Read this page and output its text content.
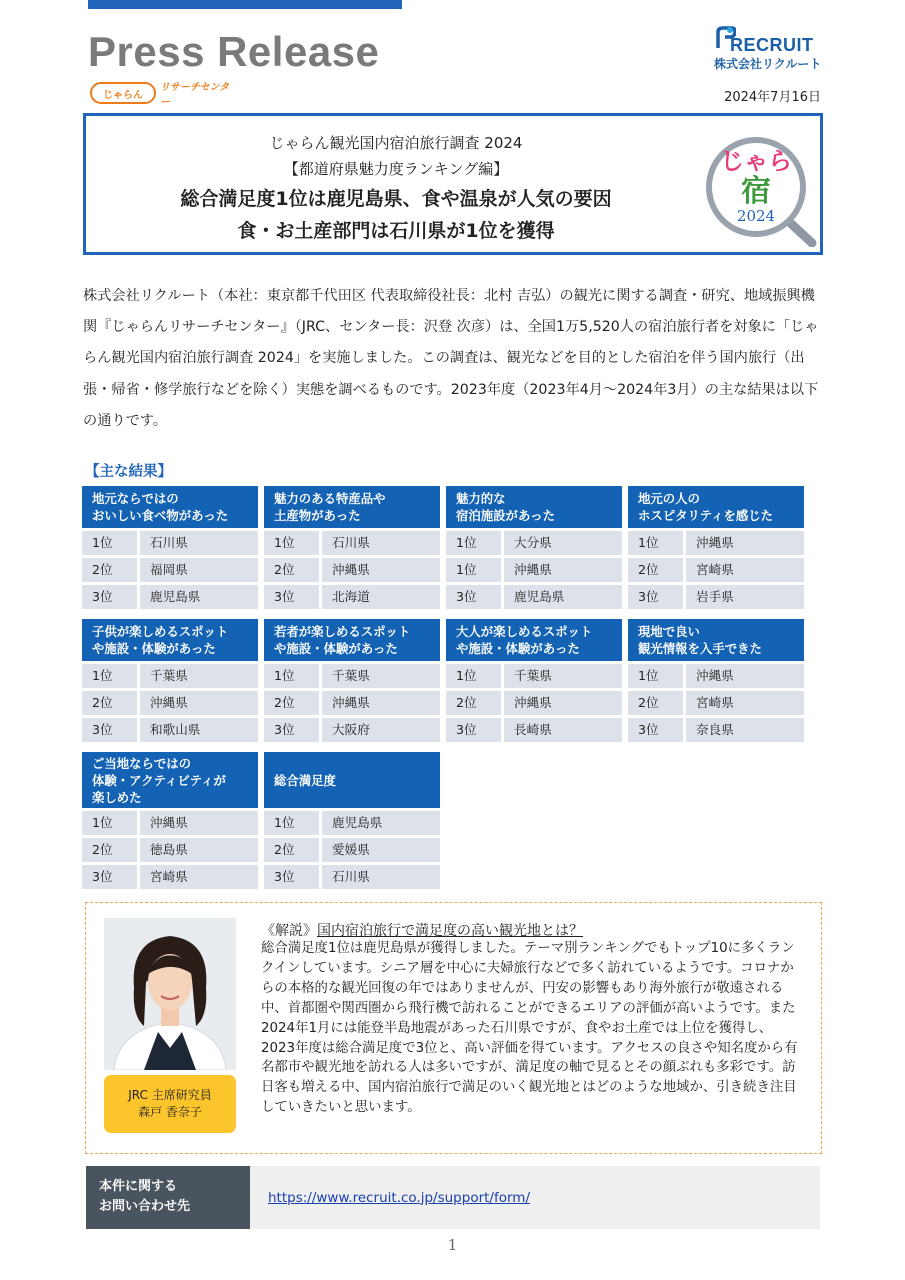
Press Release
じゃらん
リサーチセンター
RECRUIT
株式会社リクルート
2024年7月16日
じゃらん観光国内宿泊旅行調査 2024
【都道府県魅力度ランキング編】
総合満足度1位は鹿児島県、食や温泉が人気の要因
食・お土産部門は石川県が1位を獲得
じゃら
宿
2024
株式会社リクルート（本社：東京都千代田区 代表取締役社長：北村 吉弘）の観光に関する調査・研究、地域振興機関『じゃらんリサーチセンター』（JRC、センター長：沢登 次彦）は、全国1万5,520人の宿泊旅行者を対象に「じゃらん観光国内宿泊旅行調査 2024」を実施しました。この調査は、観光などを目的とした宿泊を伴う国内旅行（出張・帰省・修学旅行などを除く）実態を調べるものです。2023年度（2023年4月～2024年3月）の主な結果は以下の通りです。
【主な結果】
地元ならではの
おいしい食べ物があった
1位	石川県
2位	福岡県
3位	鹿児島県
魅力のある特産品や
土産物があった
1位	石川県
2位	沖縄県
3位	北海道
魅力的な
宿泊施設があった
1位	大分県
1位	沖縄県
3位	鹿児島県
地元の人の
ホスピタリティを感じた
1位	沖縄県
2位	宮崎県
3位	岩手県
子供が楽しめるスポット
や施設・体験があった
1位	千葉県
2位	沖縄県
3位	和歌山県
若者が楽しめるスポット
や施設・体験があった
1位	千葉県
2位	沖縄県
3位	大阪府
大人が楽しめるスポット
や施設・体験があった
1位	千葉県
2位	沖縄県
3位	長崎県
現地で良い
観光情報を入手できた
1位	沖縄県
2位	宮崎県
3位	奈良県
ご当地ならではの
体験・アクティビティが
楽しめた
1位	沖縄県
2位	徳島県
3位	宮崎県
総合満足度
1位	鹿児島県
2位	愛媛県
3位	石川県
JRC 主席研究員
森戸 香奈子
《解説》国内宿泊旅行で満足度の高い観光地とは？
総合満足度1位は鹿児島県が獲得しました。テーマ別ランキングでもトップ10に多くランクインしています。シニア層を中心に夫婦旅行などで多く訪れているようです。コロナからの本格的な観光回復の年ではありませんが、円安の影響もあり海外旅行が敬遠される中、首都圏や関西圏から飛行機で訪れることができるエリアの評価が高いようです。また2024年1月には能登半島地震があった石川県ですが、食やお土産では上位を獲得し、2023年度は総合満足度で3位と、高い評価を得ています。アクセスの良さや知名度から有名都市や観光地を訪れる人は多いですが、満足度の軸で見るとその顔ぶれも多彩です。訪日客も増える中、国内宿泊旅行で満足のいく観光地とはどのような地域か、引き続き注目していきたいと思います。
本件に関する
お問い合わせ先
https://www.recruit.co.jp/support/form/
1
